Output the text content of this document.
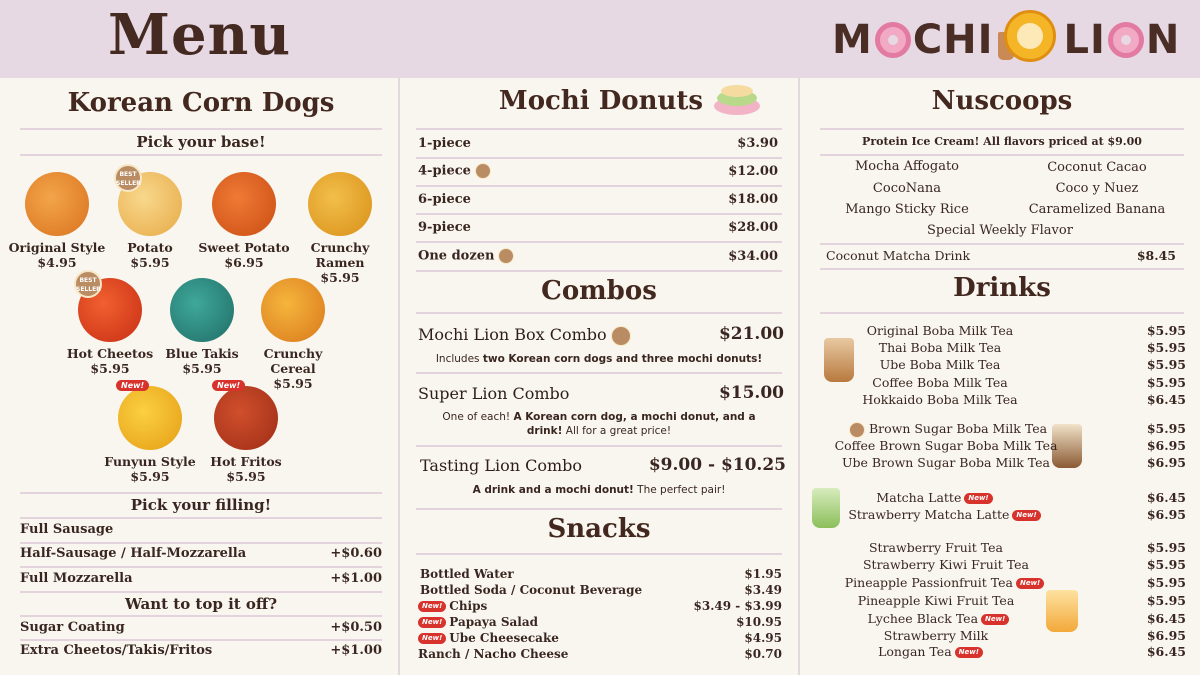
Menu	M CHI LI N
Korean Corn Dogs
Pick your base!
Original Style
$4.95
BEST
SELLER
Potato
$5.95
Sweet Potato
$6.95
Crunchy Ramen
$5.95
BEST
SELLER
Hot Cheetos
$5.95
Blue Takis
$5.95
Crunchy Cereal
$5.95
New!
Funyun Style
$5.95
New!
Hot Fritos
$5.95
Pick your filling!
Full Sausage
Half-Sausage / Half-Mozzarella	+$0.60
Full Mozzarella	+$1.00
Want to top it off?
Sugar Coating	+$0.50
Extra Cheetos/Takis/Fritos	+$1.00
Mochi Donuts
1-piece	$3.90
4-piece	$12.00
6-piece	$18.00
9-piece	$28.00
One dozen	$34.00
Combos
Mochi Lion Box Combo	$21.00
Includes two Korean corn dogs and three mochi donuts!
Super Lion Combo	$15.00
One of each! A Korean corn dog, a mochi donut, and a drink! All for a great price!
Tasting Lion Combo	$9.00 - $10.25
A drink and a mochi donut! The perfect pair!
Snacks
Bottled Water	$1.95
Bottled Soda / Coconut Beverage	$3.49
New! Chips	$3.49 - $3.99
New! Papaya Salad	$10.95
New! Ube Cheesecake	$4.95
Ranch / Nacho Cheese	$0.70
Nuscoops
Protein Ice Cream! All flavors priced at $9.00
Mocha Affogato	Coconut Cacao
CocoNana	Coco y Nuez
Mango Sticky Rice	Caramelized Banana
Special Weekly Flavor
Coconut Matcha Drink	$8.45
Drinks
Original Boba Milk Tea	$5.95
Thai Boba Milk Tea	$5.95
Ube Boba Milk Tea	$5.95
Coffee Boba Milk Tea	$5.95
Hokkaido Boba Milk Tea	$6.45
Brown Sugar Boba Milk Tea	$5.95
Coffee Brown Sugar Boba Milk Tea	$6.95
Ube Brown Sugar Boba Milk Tea	$6.95
Matcha Latte New!	$6.45
Strawberry Matcha Latte New!	$6.95
Strawberry Fruit Tea	$5.95
Strawberry Kiwi Fruit Tea	$5.95
Pineapple Passionfruit Tea New!	$5.95
Pineapple Kiwi Fruit Tea	$5.95
Lychee Black Tea New!	$6.45
Strawberry Milk	$6.95
Longan Tea New!	$6.45
